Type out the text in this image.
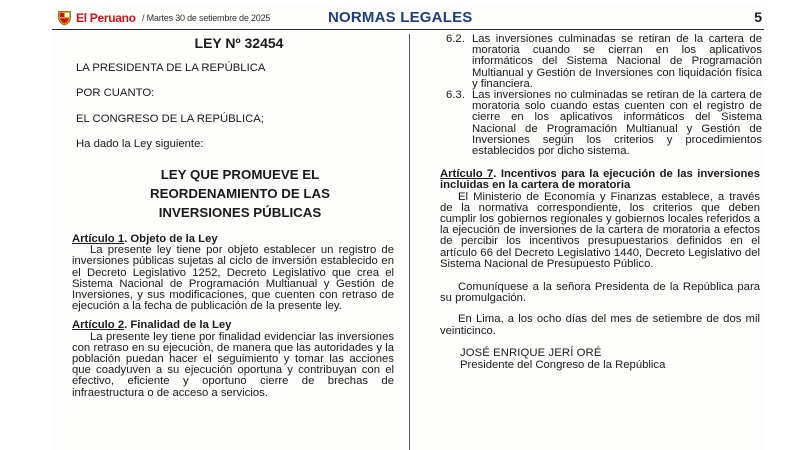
El Peruano / Martes 30 de setiembre de 2025	NORMAS LEGALES	5
LEY Nº 32454
LA PRESIDENTA DE LA REPÚBLICA
POR CUANTO:
EL CONGRESO DE LA REPÚBLICA;
Ha dado la Ley siguiente:
LEY QUE PROMUEVE EL
REORDENAMIENTO DE LAS
INVERSIONES PÚBLICAS
Artículo 1. Objeto de la Ley
La presente ley tiene por objeto establecer un registro de inversiones públicas sujetas al ciclo de inversión establecido en el Decreto Legislativo 1252, Decreto Legislativo que crea el Sistema Nacional de Programación Multianual y Gestión de Inversiones, y sus modificaciones, que cuenten con retraso de ejecución a la fecha de publicación de la presente ley.
Artículo 2. Finalidad de la Ley
La presente ley tiene por finalidad evidenciar las inversiones con retraso en su ejecución, de manera que las autoridades y la población puedan hacer el seguimiento y tomar las acciones que coadyuven a su ejecución oportuna y contribuyan con el efectivo, eficiente y oportuno cierre de brechas de infraestructura o de acceso a servicios.
6.2. Las inversiones culminadas se retiran de la cartera de moratoria cuando se cierran en los aplicativos informáticos del Sistema Nacional de Programación Multianual y Gestión de Inversiones con liquidación física y financiera.
6.3. Las inversiones no culminadas se retiran de la cartera de moratoria solo cuando estas cuenten con el registro de cierre en los aplicativos informáticos del Sistema Nacional de Programación Multianual y Gestión de Inversiones según los criterios y procedimientos establecidos por dicho sistema.
Artículo 7. Incentivos para la ejecución de las inversiones incluidas en la cartera de moratoria
El Ministerio de Economía y Finanzas establece, a través de la normativa correspondiente, los criterios que deben cumplir los gobiernos regionales y gobiernos locales referidos a la ejecución de inversiones de la cartera de moratoria a efectos de percibir los incentivos presupuestarios definidos en el artículo 66 del Decreto Legislativo 1440, Decreto Legislativo del Sistema Nacional de Presupuesto Público.
Comuníquese a la señora Presidenta de la República para su promulgación.
En Lima, a los ocho días del mes de setiembre de dos mil veinticinco.
JOSÉ ENRIQUE JERÍ ORÉ
Presidente del Congreso de la República
